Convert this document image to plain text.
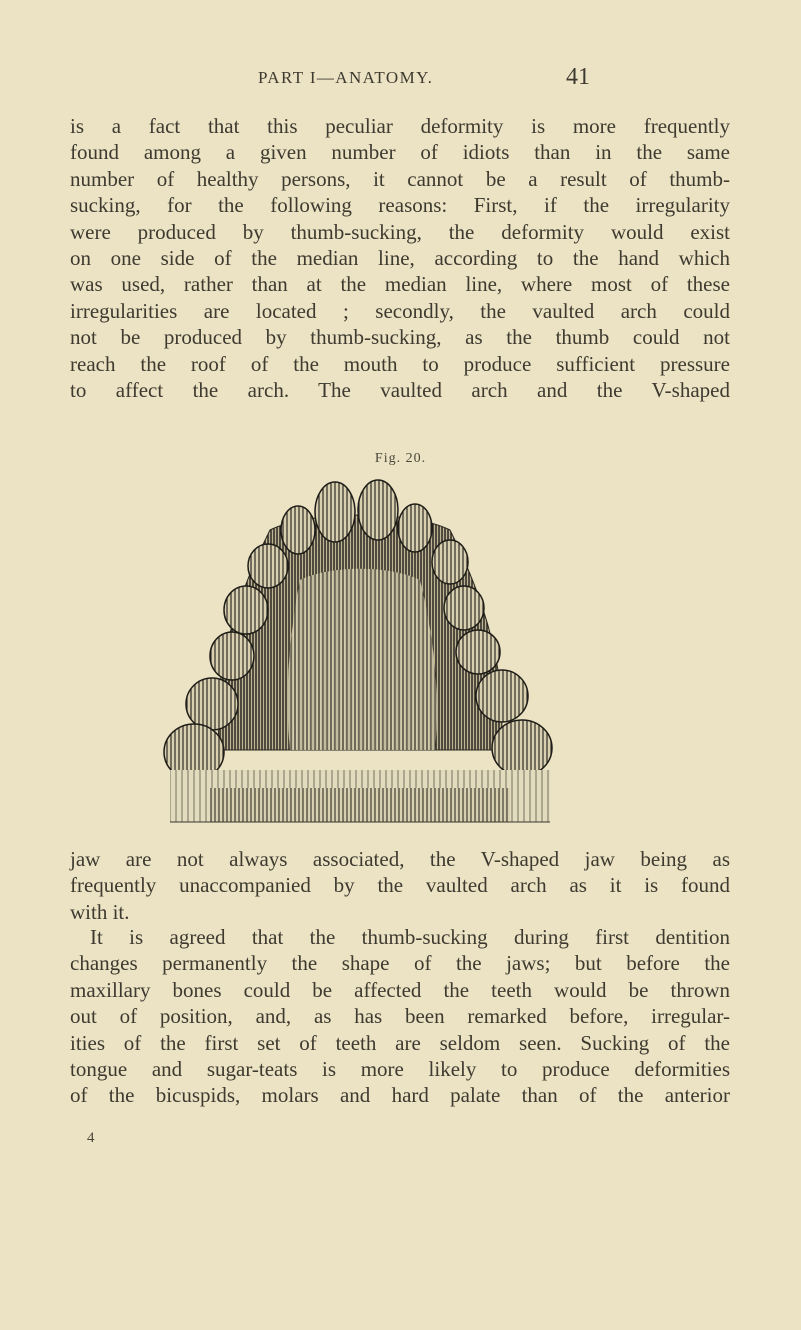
PART I—ANATOMY.	41

is a fact that this peculiar deformity is more frequently
found among a given number of idiots than in the same
number of healthy persons, it cannot be a result of thumb-
sucking, for the following reasons: First, if the irregularity
were produced by thumb-sucking, the deformity would exist
on one side of the median line, according to the hand which
was used, rather than at the median line, where most of these
irregularities are located ; secondly, the vaulted arch could
not be produced by thumb-sucking, as the thumb could not
reach the roof of the mouth to produce sufficient pressure
to affect the arch. The vaulted arch and the V-shaped

Fig. 20.

jaw are not always associated, the V-shaped jaw being as
frequently unaccompanied by the vaulted arch as it is found
with it.

It is agreed that the thumb-sucking during first dentition
changes permanently the shape of the jaws; but before the
maxillary bones could be affected the teeth would be thrown
out of position, and, as has been remarked before, irregular-
ities of the first set of teeth are seldom seen. Sucking of the
tongue and sugar-teats is more likely to produce deformities
of the bicuspids, molars and hard palate than of the anterior

4
